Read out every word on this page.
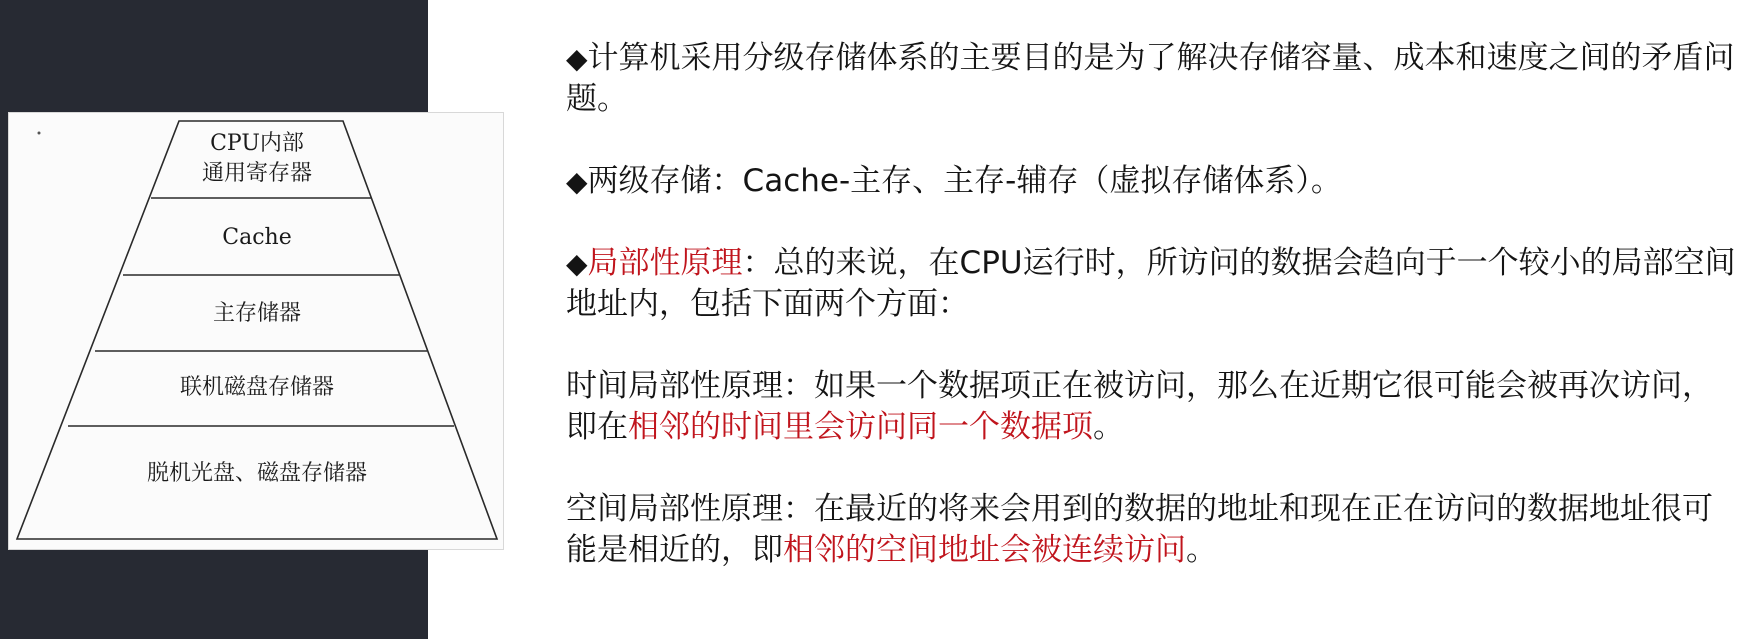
CPU内部
通用寄存器
Cache
主存储器
联机磁盘存储器
脱机光盘、磁盘存储器

◆计算机采用分级存储体系的主要目的是为了解决存储容量、成本和速度之间的矛盾问题。

◆两级存储：Cache-主存、主存-辅存（虚拟存储体系）。

◆局部性原理：总的来说，在CPU运行时，所访问的数据会趋向于一个较小的局部空间地址内，包括下面两个方面：

时间局部性原理：如果一个数据项正在被访问，那么在近期它很可能会被再次访问，即在相邻的时间里会访问同一个数据项。

空间局部性原理：在最近的将来会用到的数据的地址和现在正在访问的数据地址很可能是相近的，即相邻的空间地址会被连续访问。
